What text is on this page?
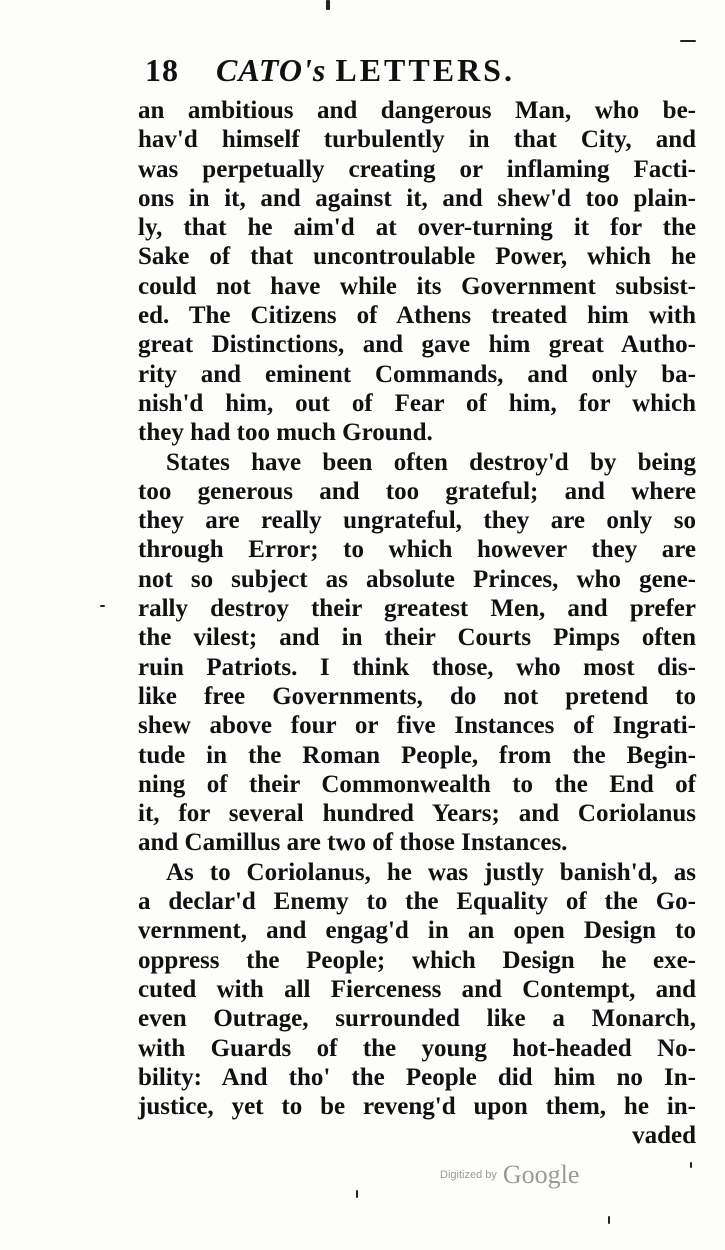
18 CATO's LETTERS.
an ambitious and dangerous Man, who be-
hav'd himself turbulently in that City, and
was perpetually creating or inflaming Facti-
ons in it, and against it, and shew'd too plain-
ly, that he aim'd at over-turning it for the
Sake of that uncontroulable Power, which he
could not have while its Government subsist-
ed. The Citizens of Athens treated him with
great Distinctions, and gave him great Autho-
rity and eminent Commands, and only ba-
nish'd him, out of Fear of him, for which
they had too much Ground.
States have been often destroy'd by being
too generous and too grateful; and where
they are really ungrateful, they are only so
through Error; to which however they are
not so subject as absolute Princes, who gene-
rally destroy their greatest Men, and prefer
the vilest; and in their Courts Pimps often
ruin Patriots. I think those, who most dis-
like free Governments, do not pretend to
shew above four or five Instances of Ingrati-
tude in the Roman People, from the Begin-
ning of their Commonwealth to the End of
it, for several hundred Years; and Coriolanus
and Camillus are two of those Instances.
As to Coriolanus, he was justly banish'd, as
a declar'd Enemy to the Equality of the Go-
vernment, and engag'd in an open Design to
oppress the People; which Design he exe-
cuted with all Fierceness and Contempt, and
even Outrage, surrounded like a Monarch,
with Guards of the young hot-headed No-
bility: And tho' the People did him no In-
justice, yet to be reveng'd upon them, he in-
vaded
Digitized by Google
